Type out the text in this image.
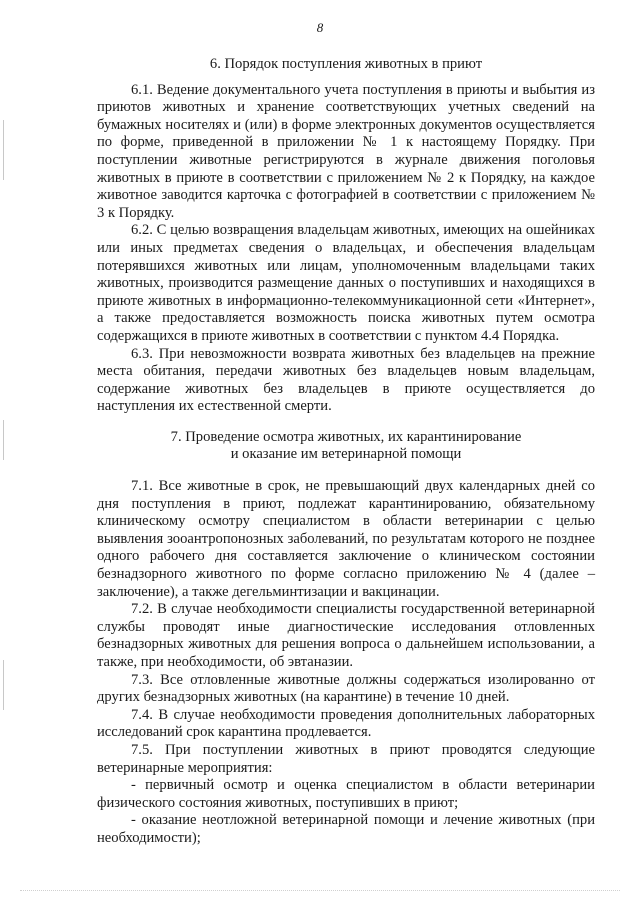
8

6. Порядок поступления животных в приют

6.1. Ведение документального учета поступления в приюты и выбытия из приютов животных и хранение соответствующих учетных сведений на бумажных носителях и (или) в форме электронных документов осуществляется по форме, приведенной в приложении № 1 к настоящему Порядку. При поступлении животные регистрируются в журнале движения поголовья животных в приюте в соответствии с приложением № 2 к Порядку, на каждое животное заводится карточка с фотографией в соответствии с приложением № 3 к Порядку.

6.2. С целью возвращения владельцам животных, имеющих на ошейниках или иных предметах сведения о владельцах, и обеспечения владельцам потерявшихся животных или лицам, уполномоченным владельцами таких животных, производится размещение данных о поступивших и находящихся в приюте животных в информационно-телекоммуникационной сети «Интернет», а также предоставляется возможность поиска животных путем осмотра содержащихся в приюте животных в соответствии с пунктом 4.4 Порядка.

6.3. При невозможности возврата животных без владельцев на прежние места обитания, передачи животных без владельцев новым владельцам, содержание животных без владельцев в приюте осуществляется до наступления их естественной смерти.

7. Проведение осмотра животных, их карантинирование
и оказание им ветеринарной помощи

7.1. Все животные в срок, не превышающий двух календарных дней со дня поступления в приют, подлежат карантинированию, обязательному клиническому осмотру специалистом в области ветеринарии с целью выявления зооантропонозных заболеваний, по результатам которого не позднее одного рабочего дня составляется заключение о клиническом состоянии безнадзорного животного по форме согласно приложению № 4 (далее – заключение), а также дегельминтизации и вакцинации.

7.2. В случае необходимости специалисты государственной ветеринарной службы проводят иные диагностические исследования отловленных безнадзорных животных для решения вопроса о дальнейшем использовании, а также, при необходимости, об эвтаназии.

7.3. Все отловленные животные должны содержаться изолированно от других безнадзорных животных (на карантине) в течение 10 дней.

7.4. В случае необходимости проведения дополнительных лабораторных исследований срок карантина продлевается.

7.5. При поступлении животных в приют проводятся следующие ветеринарные мероприятия:

- первичный осмотр и оценка специалистом в области ветеринарии физического состояния животных, поступивших в приют;

- оказание неотложной ветеринарной помощи и лечение животных (при необходимости);
